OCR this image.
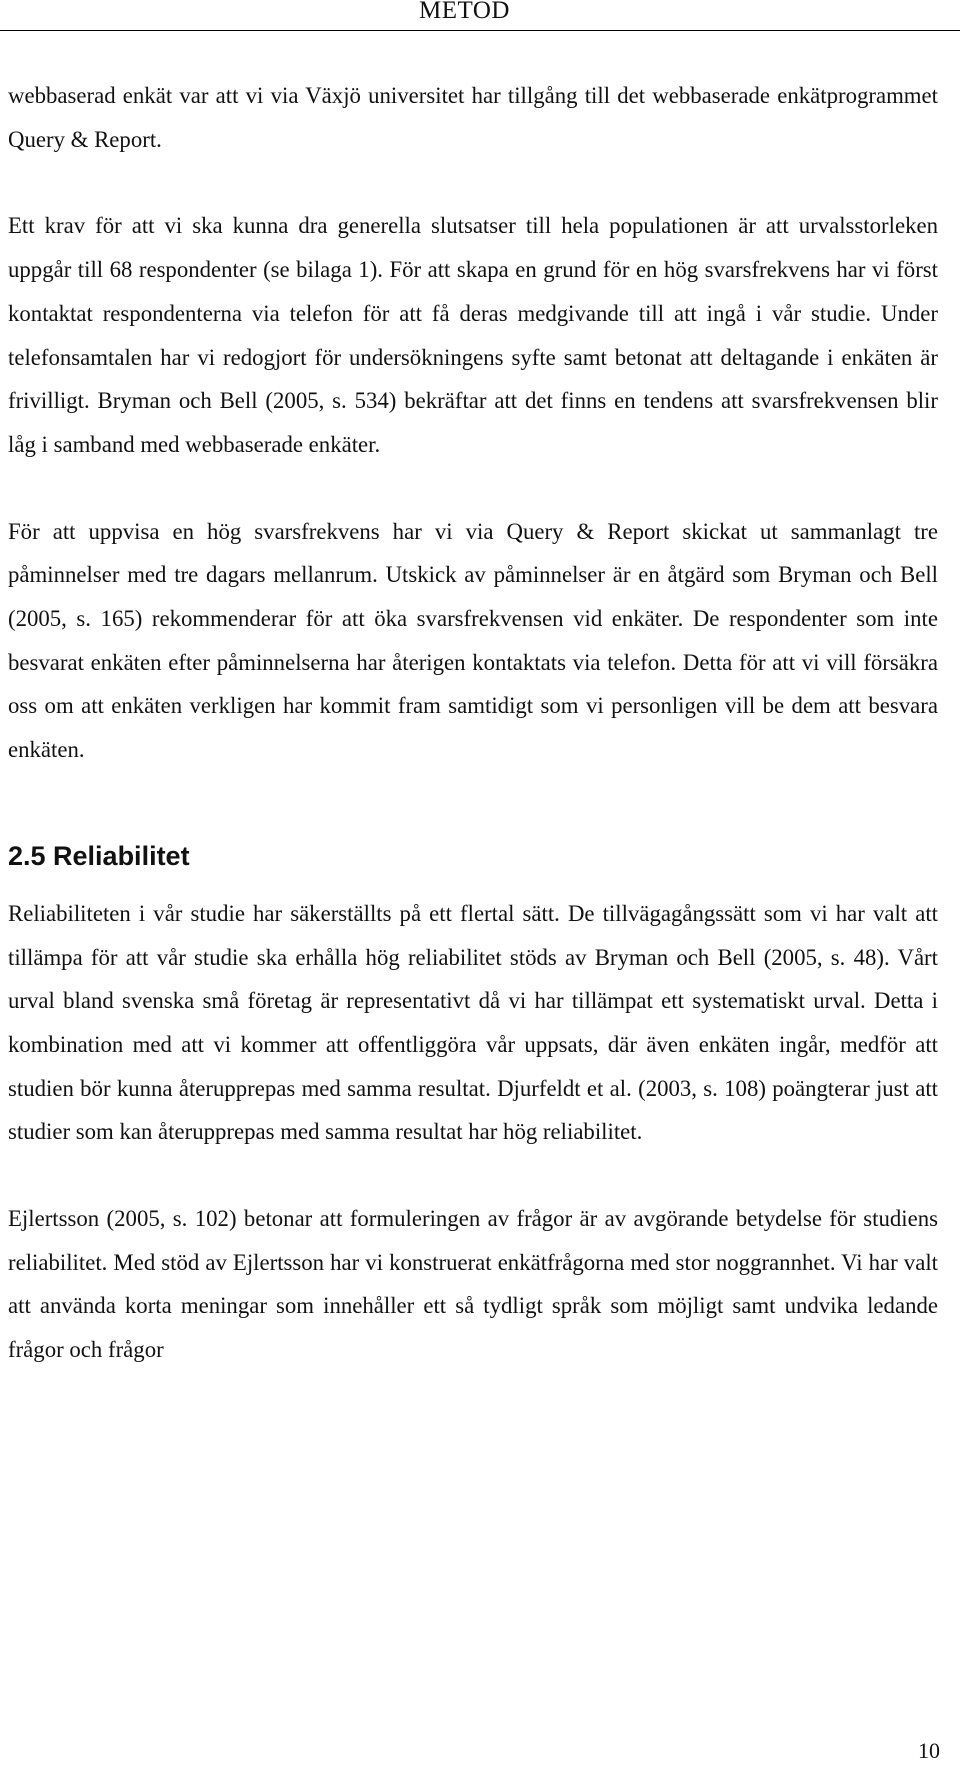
METOD

webbaserad enkät var att vi via Växjö universitet har tillgång till det webbaserade enkätprogrammet Query & Report.

Ett krav för att vi ska kunna dra generella slutsatser till hela populationen är att urvalsstorleken uppgår till 68 respondenter (se bilaga 1). För att skapa en grund för en hög svarsfrekvens har vi först kontaktat respondenterna via telefon för att få deras medgivande till att ingå i vår studie. Under telefonsamtalen har vi redogjort för undersökningens syfte samt betonat att deltagande i enkäten är frivilligt. Bryman och Bell (2005, s. 534) bekräftar att det finns en tendens att svarsfrekvensen blir låg i samband med webbaserade enkäter.

För att uppvisa en hög svarsfrekvens har vi via Query & Report skickat ut sammanlagt tre påminnelser med tre dagars mellanrum. Utskick av påminnelser är en åtgärd som Bryman och Bell (2005, s. 165) rekommenderar för att öka svarsfrekvensen vid enkäter. De respondenter som inte besvarat enkäten efter påminnelserna har återigen kontaktats via telefon. Detta för att vi vill försäkra oss om att enkäten verkligen har kommit fram samtidigt som vi personligen vill be dem att besvara enkäten.

2.5 Reliabilitet

Reliabiliteten i vår studie har säkerställts på ett flertal sätt. De tillvägagångssätt som vi har valt att tillämpa för att vår studie ska erhålla hög reliabilitet stöds av Bryman och Bell (2005, s. 48). Vårt urval bland svenska små företag är representativt då vi har tillämpat ett systematiskt urval. Detta i kombination med att vi kommer att offentliggöra vår uppsats, där även enkäten ingår, medför att studien bör kunna återupprepas med samma resultat. Djurfeldt et al. (2003, s. 108) poängterar just att studier som kan återupprepas med samma resultat har hög reliabilitet.

Ejlertsson (2005, s. 102) betonar att formuleringen av frågor är av avgörande betydelse för studiens reliabilitet. Med stöd av Ejlertsson har vi konstruerat enkätfrågorna med stor noggrannhet. Vi har valt att använda korta meningar som innehåller ett så tydligt språk som möjligt samt undvika ledande frågor och frågor

10
